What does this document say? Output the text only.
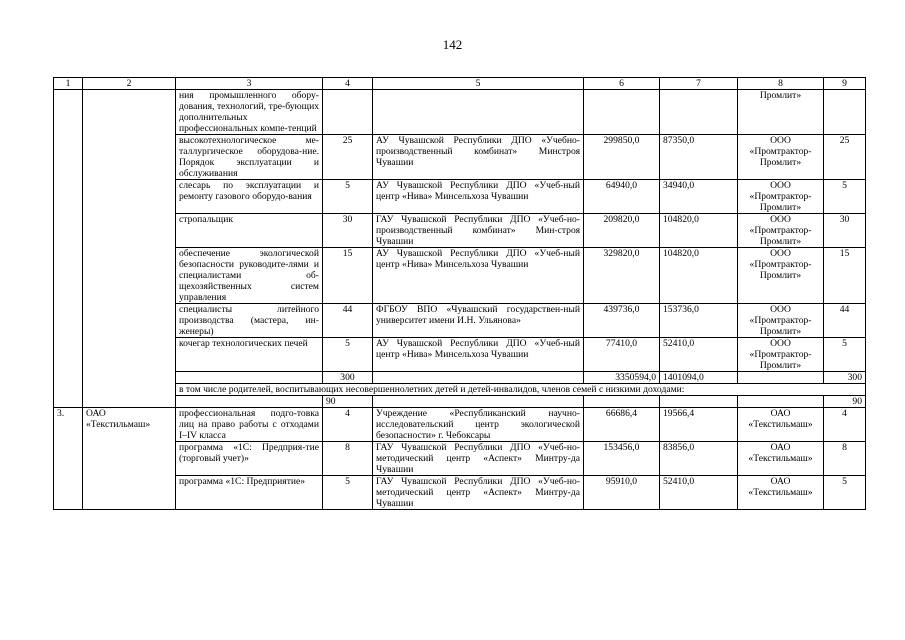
142
1	2	3	4	5	6	7	8	9
		ния промышленного обору-дования, технологий, тре-бующих дополнительных профессиональных компе-тенций					Промлит»	
		высокотехнологическое ме-таллургическое оборудова-ние. Порядок эксплуатации и обслуживания	25	АУ Чувашской Республики ДПО «Учебно-производственный комбинат» Минстроя Чувашии	299850,0	87350,0	ООО «Промтрактор-Промлит»	25
		слесарь по эксплуатации и ремонту газового оборудо-вания	5	АУ Чувашской Республики ДПО «Учеб-ный центр «Нива» Минсельхоза Чувашии	64940,0	34940,0	ООО «Промтрактор-Промлит»	5
		стропальщик	30	ГАУ Чувашской Республики ДПО «Учеб-но-производственный комбинат» Мин-строя Чувашии	209820,0	104820,0	ООО «Промтрактор-Промлит»	30
		обеспечение экологической безопасности руководите-лями и специалистами об-щехозяйственных систем управления	15	АУ Чувашской Республики ДПО «Учеб-ный центр «Нива» Минсельхоза Чувашии	329820,0	104820,0	ООО «Промтрактор-Промлит»	15
		специалисты литейного производства (мастера, ин-женеры)	44	ФГБОУ ВПО «Чувашский государствен-ный университет имени И.Н. Ульянова»	439736,0	153736,0	ООО «Промтрактор-Промлит»	44
		кочегар технологических печей	5	АУ Чувашской Республики ДПО «Учеб-ный центр «Нива» Минсельхоза Чувашии	77410,0	52410,0	ООО «Промтрактор-Промлит»	5
			300		3350594,0	1401094,0		300
		в том числе родителей, воспитывающих несовершеннолетних детей и детей-инвалидов, членов семей с низкими доходами:						
			90					90
3.	ОАО «Текстильмаш»	профессиональная подго-товка лиц на право работы с отходами I–IV класса	4	Учреждение «Республиканский научно-исследовательский центр экологической безопасности» г. Чебоксары	66686,4	19566,4	ОАО «Текстильмаш»	4
		программа «1С: Предприя-тие (торговый учет)»	8	ГАУ Чувашской Республики ДПО «Учеб-но-методический центр «Аспект» Минтру-да Чувашии	153456,0	83856,0	ОАО «Текстильмаш»	8
		программа «1С: Предприятие»	5	ГАУ Чувашской Республики ДПО «Учеб-но-методический центр «Аспект» Минтру-да Чувашии	95910,0	52410,0	ОАО «Текстильмаш»	5
